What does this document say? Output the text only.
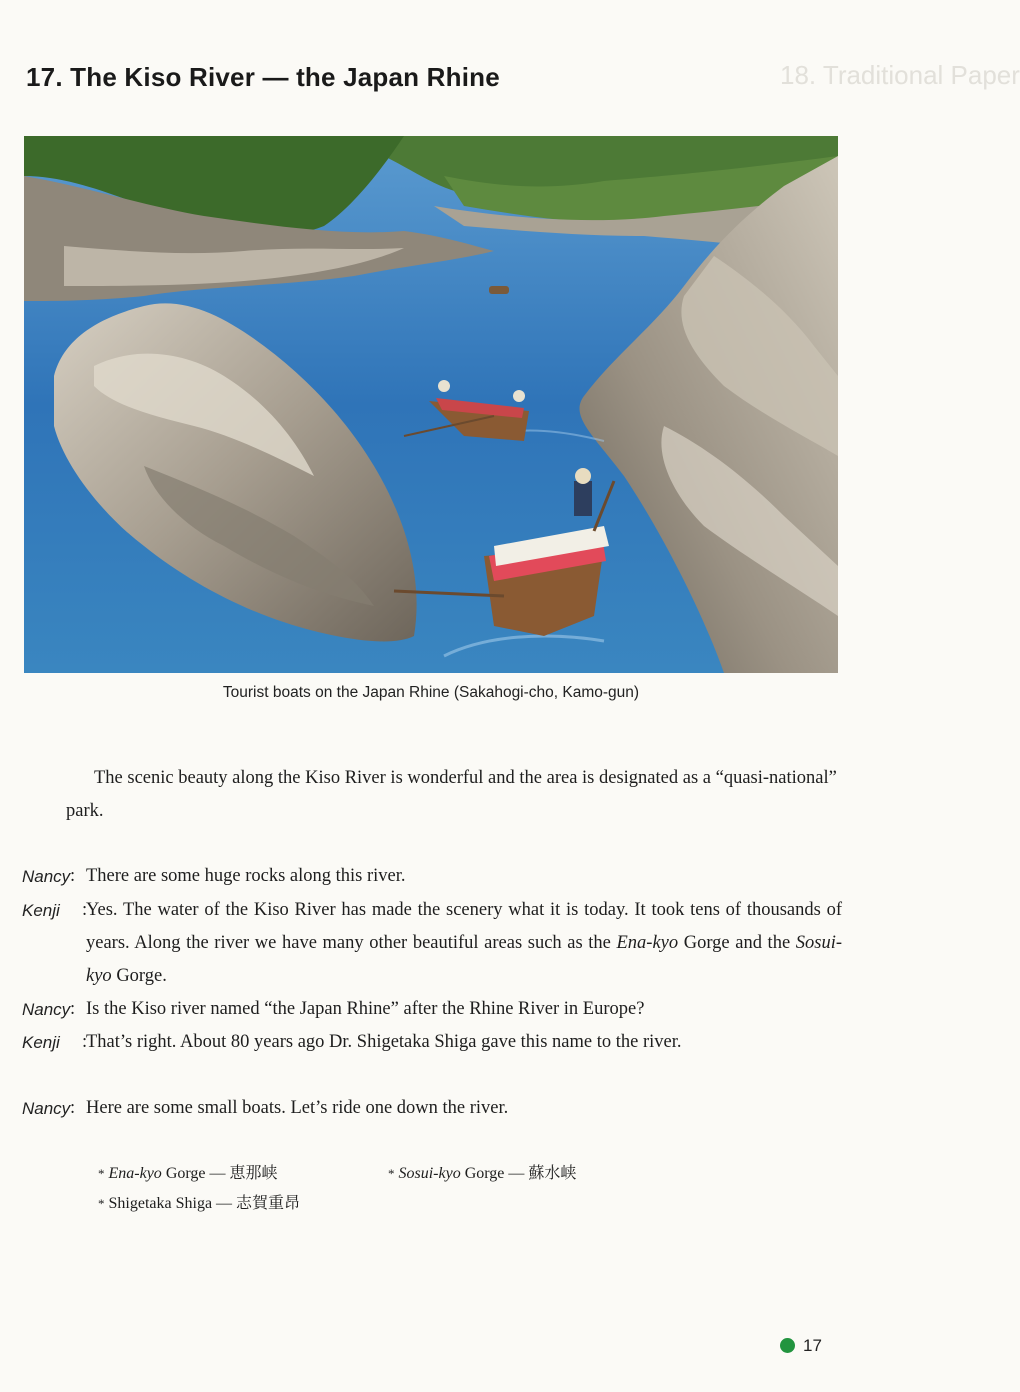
18. Traditional Paper
17. The Kiso River — the Japan Rhine
Tourist boats on the Japan Rhine (Sakahogi-cho, Kamo-gun)

The scenic beauty along the Kiso River is wonderful and the area is designated as a “quasi-national” park.

Nancy : There are some huge rocks along this river.
Kenji :
Yes. The water of the Kiso River has made the scenery what it is today. It took tens of thousands of years. Along the river we have many other beautiful areas such as the Ena-kyo Gorge and the Sosui-kyo Gorge.
Nancy : Is the Kiso river named “the Japan Rhine” after the Rhine River in Europe?
Kenji :
That’s right. About 80 years ago Dr. Shigetaka Shiga gave this name to the river.
Nancy : Here are some small boats. Let’s ride one down the river.
* Ena-kyo Gorge — 恵那峡	* Sosui-kyo Gorge — 蘇水峡
* Shigetaka Shiga — 志賀重昂
17
